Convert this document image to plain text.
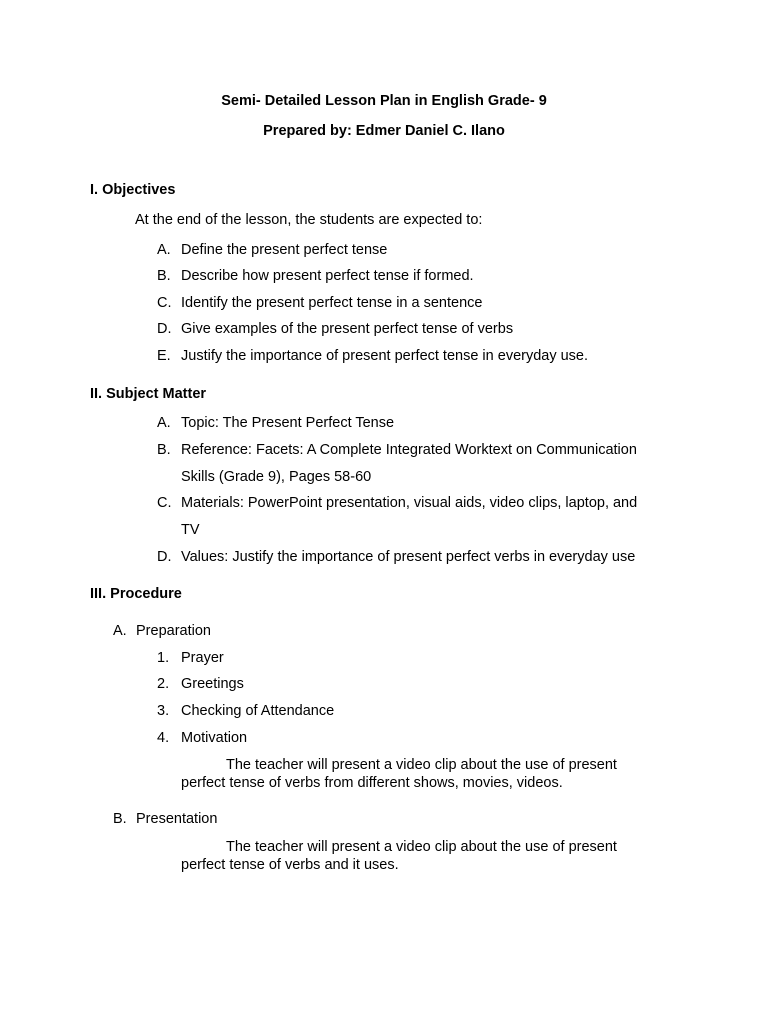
Semi- Detailed Lesson Plan in English Grade- 9
Prepared by: Edmer Daniel C. Ilano
I. Objectives
At the end of the lesson, the students are expected to:
A. Define the present perfect tense
B. Describe how present perfect tense if formed.
C. Identify the present perfect tense in a sentence
D. Give examples of the present perfect tense of verbs
E. Justify the importance of present perfect tense in everyday use.
II. Subject Matter
A. Topic: The Present Perfect Tense
B. Reference: Facets: A Complete Integrated Worktext on Communication
Skills (Grade 9), Pages 58-60
C. Materials: PowerPoint presentation, visual aids, video clips, laptop, and
TV
D. Values: Justify the importance of present perfect verbs in everyday use
III. Procedure
A. Preparation
1. Prayer
2. Greetings
3. Checking of Attendance
4. Motivation
The teacher will present a video clip about the use of present
perfect tense of verbs from different shows, movies, videos.
B. Presentation
The teacher will present a video clip about the use of present
perfect tense of verbs and it uses.
